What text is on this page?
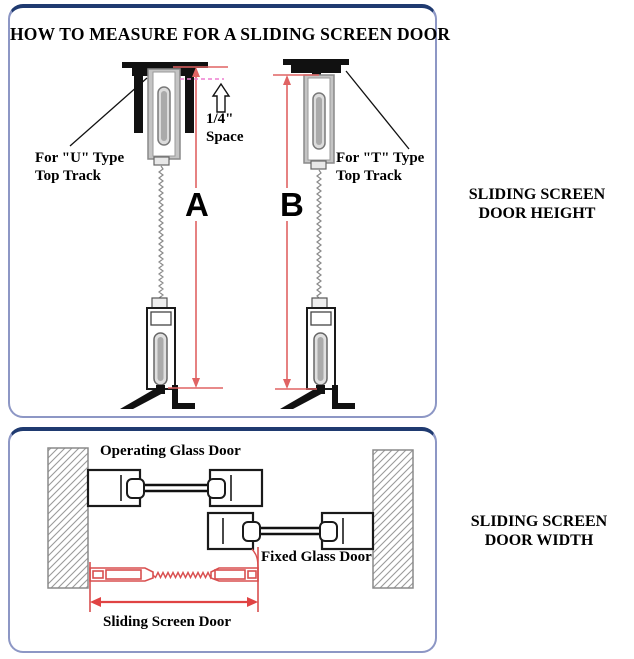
HOW TO MEASURE FOR A SLIDING SCREEN DOOR
For "U" Type
Top Track
For "T" Type
Top Track
1/4"
Space
A B	SLIDING SCREEN
DOOR HEIGHT
Operating Glass Door
Fixed Glass Door
Sliding Screen Door
SLIDING SCREEN
DOOR WIDTH
